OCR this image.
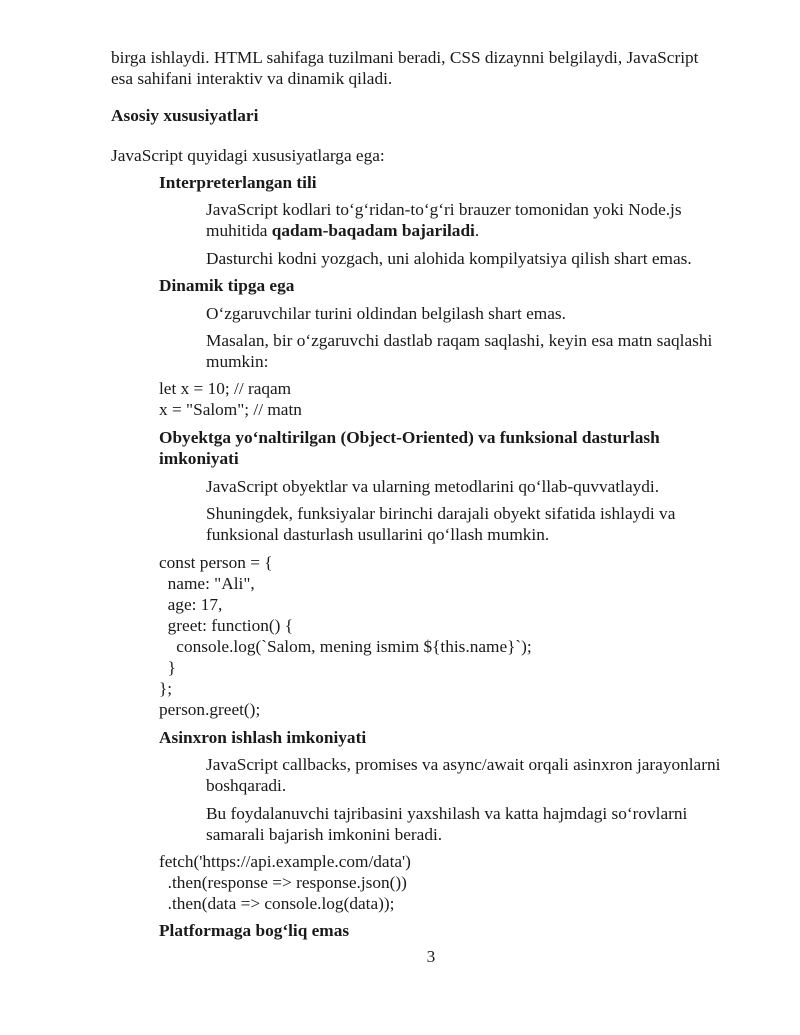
birga ishlaydi. HTML sahifaga tuzilmani beradi, CSS dizaynni belgilaydi, JavaScript
esa sahifani interaktiv va dinamik qiladi.
Asosiy xususiyatlari
JavaScript quyidagi xususiyatlarga ega:
Interpreterlangan tili
JavaScript kodlari to‘g‘ridan-to‘g‘ri brauzer tomonidan yoki Node.js
muhitida qadam-baqadam bajariladi.
Dasturchi kodni yozgach, uni alohida kompilyatsiya qilish shart emas.
Dinamik tipga ega
O‘zgaruvchilar turini oldindan belgilash shart emas.
Masalan, bir o‘zgaruvchi dastlab raqam saqlashi, keyin esa matn saqlashi
mumkin:
let x = 10; // raqam
x = "Salom"; // matn
Obyektga yo‘naltirilgan (Object-Oriented) va funksional dasturlash
imkoniyati
JavaScript obyektlar va ularning metodlarini qo‘llab-quvvatlaydi.
Shuningdek, funksiyalar birinchi darajali obyekt sifatida ishlaydi va
funksional dasturlash usullarini qo‘llash mumkin.
const person = {
name: "Ali",
age: 17,
greet: function() {
console.log(`Salom, mening ismim ${this.name}`);
}
};
person.greet();
Asinxron ishlash imkoniyati
JavaScript callbacks, promises va async/await orqali asinxron jarayonlarni
boshqaradi.
Bu foydalanuvchi tajribasini yaxshilash va katta hajmdagi so‘rovlarni
samarali bajarish imkonini beradi.
fetch('https://api.example.com/data')
.then(response => response.json())
.then(data => console.log(data));
Platformaga bog‘liq emas
3
